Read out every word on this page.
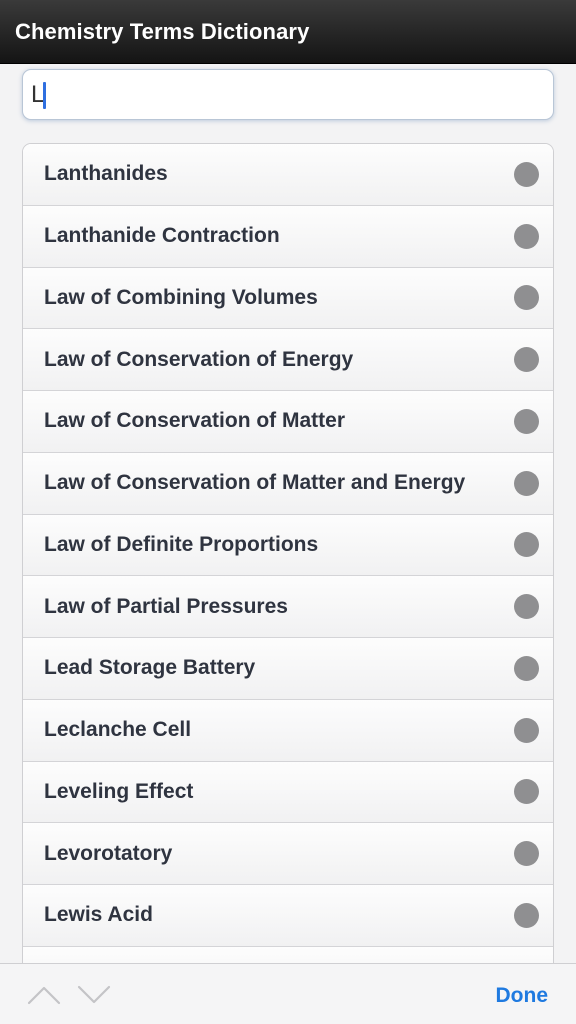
Chemistry Terms Dictionary
L
Lanthanides
Lanthanide Contraction
Law of Combining Volumes
Law of Conservation of Energy
Law of Conservation of Matter
Law of Conservation of Matter and Energy
Law of Definite Proportions
Law of Partial Pressures
Lead Storage Battery
Leclanche Cell
Leveling Effect
Levorotatory
Lewis Acid
Done
